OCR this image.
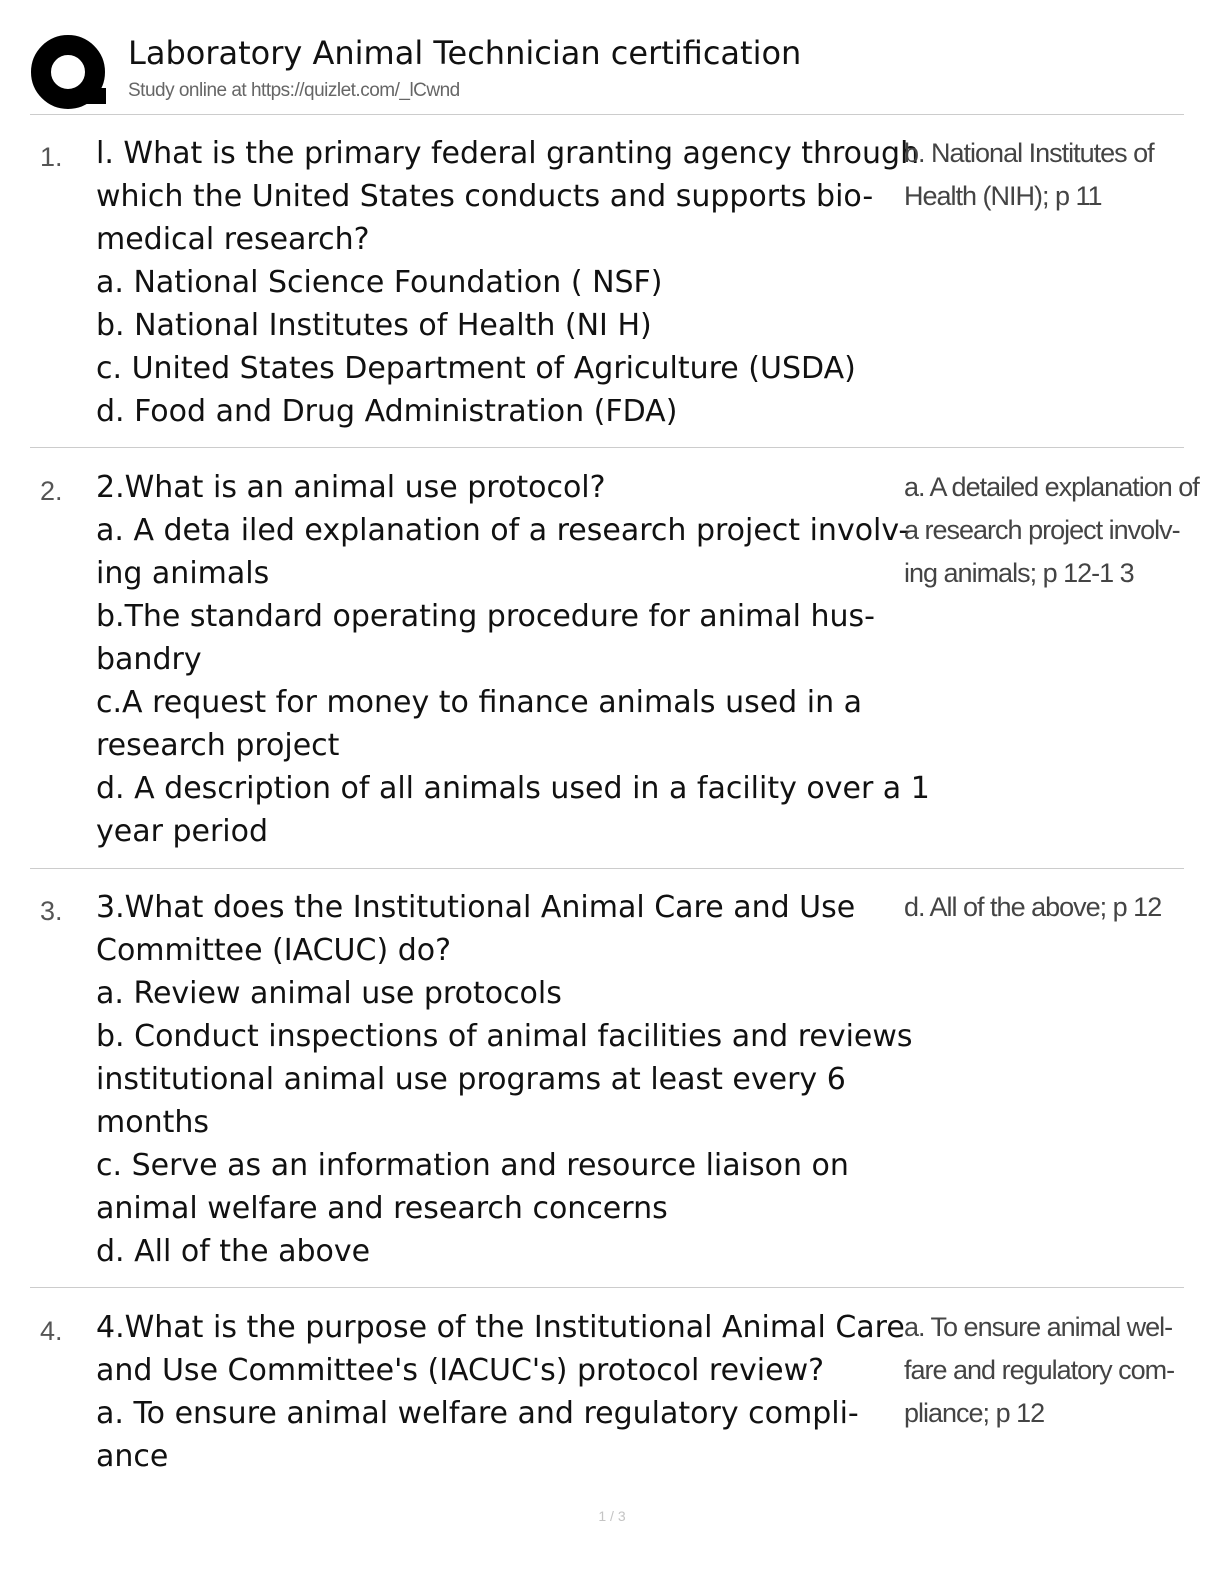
Laboratory Animal Technician certification
Study online at https://quizlet.com/_lCwnd
1. l. What is the primary federal granting agency through
which the United States conducts and supports bio-
medical research?
a. National Science Foundation ( NSF)
b. National Institutes of Health (NI H)
c. United States Department of Agriculture (USDA)
d. Food and Drug Administration (FDA)
b. National Institutes of
Health (NIH); p 11
2. 2.What is an animal use protocol?
a. A deta iled explanation of a research project involv-
ing animals
b.The standard operating procedure for animal hus-
bandry
c.A request for money to finance animals used in a
research project
d. A description of all animals used in a facility over a 1
year period
a. A detailed explanation of
a research project involv-
ing animals; p 12-1 3
3. 3.What does the Institutional Animal Care and Use
Committee (IACUC) do?
a. Review animal use protocols
b. Conduct inspections of animal facilities and reviews
institutional animal use programs at least every 6
months
c. Serve as an information and resource liaison on
animal welfare and research concerns
d. All of the above
d. All of the above; p 12
4. 4.What is the purpose of the Institutional Animal Care
and Use Committee's (IACUC's) protocol review?
a. To ensure animal welfare and regulatory compli-
ance
a. To ensure animal wel-
fare and regulatory com-
pliance; p 12
1 / 3
